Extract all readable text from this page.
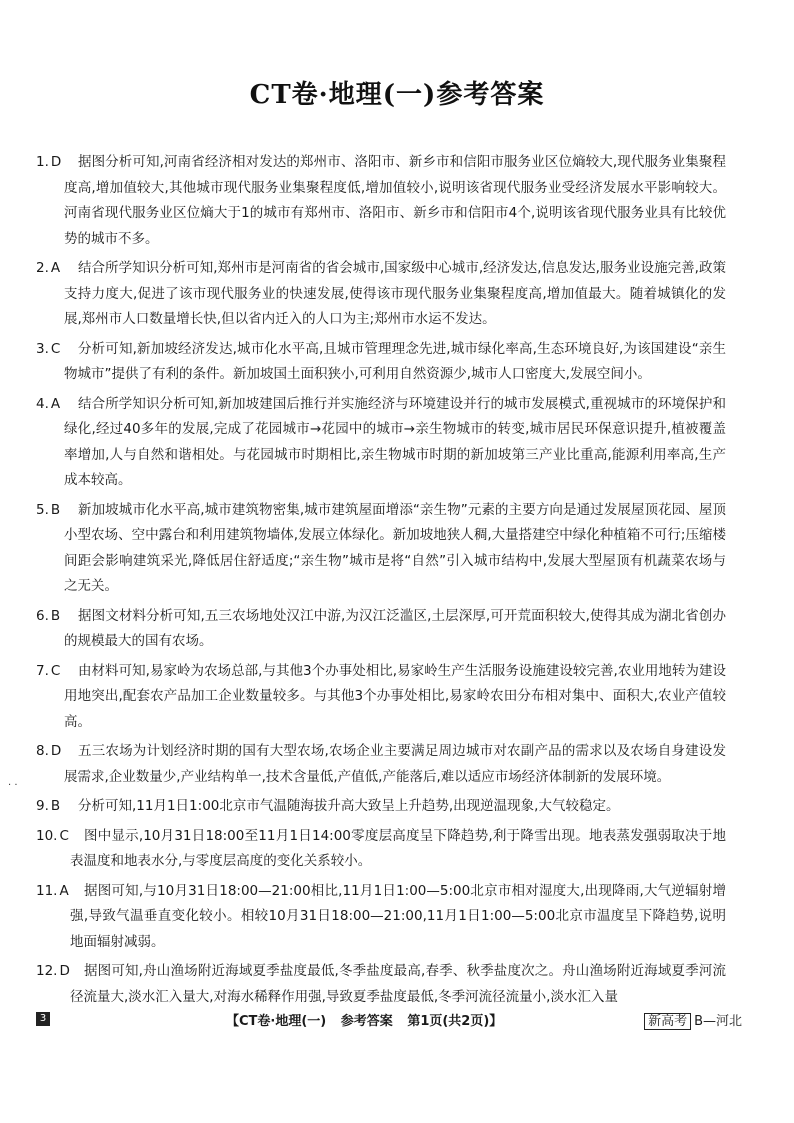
CT卷·地理(一)参考答案
1. D	据图分析可知,河南省经济相对发达的郑州市、洛阳市、新乡市和信阳市服务业区位熵较大,现代服务业集聚程度高,增加值较大,其他城市现代服务业集聚程度低,增加值较小,说明该省现代服务业受经济发展水平影响较大。河南省现代服务业区位熵大于1的城市有郑州市、洛阳市、新乡市和信阳市4个,说明该省现代服务业具有比较优势的城市不多。
2. A	结合所学知识分析可知,郑州市是河南省的省会城市,国家级中心城市,经济发达,信息发达,服务业设施完善,政策支持力度大,促进了该市现代服务业的快速发展,使得该市现代服务业集聚程度高,增加值最大。随着城镇化的发展,郑州市人口数量增长快,但以省内迁入的人口为主;郑州市水运不发达。
3. C	分析可知,新加坡经济发达,城市化水平高,且城市管理理念先进,城市绿化率高,生态环境良好,为该国建设“亲生物城市”提供了有利的条件。新加坡国土面积狭小,可利用自然资源少,城市人口密度大,发展空间小。
4. A	结合所学知识分析可知,新加坡建国后推行并实施经济与环境建设并行的城市发展模式,重视城市的环境保护和绿化,经过40多年的发展,完成了花园城市→花园中的城市→亲生物城市的转变,城市居民环保意识提升,植被覆盖率增加,人与自然和谐相处。与花园城市时期相比,亲生物城市时期的新加坡第三产业比重高,能源利用率高,生产成本较高。
5. B	新加坡城市化水平高,城市建筑物密集,城市建筑屋面增添“亲生物”元素的主要方向是通过发展屋顶花园、屋顶小型农场、空中露台和利用建筑物墙体,发展立体绿化。新加坡地狭人稠,大量搭建空中绿化种植箱不可行;压缩楼间距会影响建筑采光,降低居住舒适度;“亲生物”城市是将“自然”引入城市结构中,发展大型屋顶有机蔬菜农场与之无关。
6. B	据图文材料分析可知,五三农场地处汉江中游,为汉江泛滥区,土层深厚,可开荒面积较大,使得其成为湖北省创办的规模最大的国有农场。
7. C	由材料可知,易家岭为农场总部,与其他3个办事处相比,易家岭生产生活服务设施建设较完善,农业用地转为建设用地突出,配套农产品加工企业数量较多。与其他3个办事处相比,易家岭农田分布相对集中、面积大,农业产值较高。
8. D	五三农场为计划经济时期的国有大型农场,农场企业主要满足周边城市对农副产品的需求以及农场自身建设发展需求,企业数量少,产业结构单一,技术含量低,产值低,产能落后,难以适应市场经济体制新的发展环境。
9. B	分析可知,11月1日1:00北京市气温随海拔升高大致呈上升趋势,出现逆温现象,大气较稳定。
10. C	图中显示,10月31日18:00至11月1日14:00零度层高度呈下降趋势,利于降雪出现。地表蒸发强弱取决于地表温度和地表水分,与零度层高度的变化关系较小。
11. A	据图可知,与10月31日18:00—21:00相比,11月1日1:00—5:00北京市相对湿度大,出现降雨,大气逆辐射增强,导致气温垂直变化较小。相较10月31日18:00—21:00,11月1日1:00—5:00北京市温度呈下降趋势,说明地面辐射减弱。
12. D	据图可知,舟山渔场附近海域夏季盐度最低,冬季盐度最高,春季、秋季盐度次之。舟山渔场附近海域夏季河流径流量大,淡水汇入量大,对海水稀释作用强,导致夏季盐度最低,冬季河流径流量小,淡水汇入量
· ·
3	【CT卷·地理(一) 参考答案 第1页(共2页)】	新高考 B—河北
